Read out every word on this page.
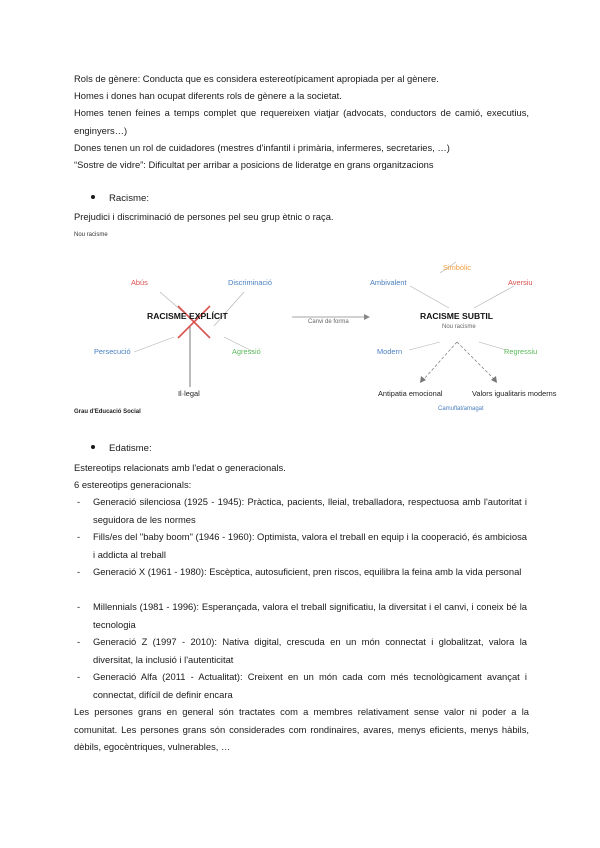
Rols de gènere: Conducta que es considera estereotípicament apropiada per al gènere.
Homes i dones han ocupat diferents rols de gènere a la societat.
Homes tenen feines a temps complet que requereixen viatjar (advocats, conductors de camió, executius, enginyers…)
Dones tenen un rol de cuidadores (mestres d'infantil i primària, infermeres, secretaries, …)
“Sostre de vidre”: Dificultat per arribar a posicions de lideratge en grans organitzacions
Racisme:
Prejudici i discriminació de persones pel seu grup ètnic o raça.
Nou racisme
Abús	Discriminació	Ambivalent
Simbòlic
Aversiu
RACISME EXPLÍCIT
Canvi de forma
RACISME SUBTIL
Nou racisme
Persecució	Agressió	Modern	Regressiu
Il·legal	Antipatia emocional	Valors igualitaris moderns
Grau d'Educació Social	Camuflat/amagat
Edatisme:
Estereotips relacionats amb l'edat o generacionals.
6 estereotips generacionals:
- Generació silenciosa (1925 - 1945): Pràctica, pacients, lleial, treballadora, respectuosa amb l'autoritat i seguidora de les normes
- Fills/es del "baby boom" (1946 - 1960): Optimista, valora el treball en equip i la cooperació, és ambiciosa i addicta al treball
- Generació X (1961 - 1980): Escèptica, autosuficient, pren riscos, equilibra la feina amb la vida personal
- Millennials (1981 - 1996): Esperançada, valora el treball significatiu, la diversitat i el canvi, i coneix bé la tecnologia
- Generació Z (1997 - 2010): Nativa digital, crescuda en un món connectat i globalitzat, valora la diversitat, la inclusió i l'autenticitat
- Generació Alfa (2011 - Actualitat): Creixent en un món cada com més tecnològicament avançat i connectat, difícil de definir encara
Les persones grans en general són tractates com a membres relativament sense valor ni poder a la comunitat. Les persones grans són considerades com rondinaires, avares, menys eficients, menys hàbils, dèbils, egocèntriques, vulnerables, …
